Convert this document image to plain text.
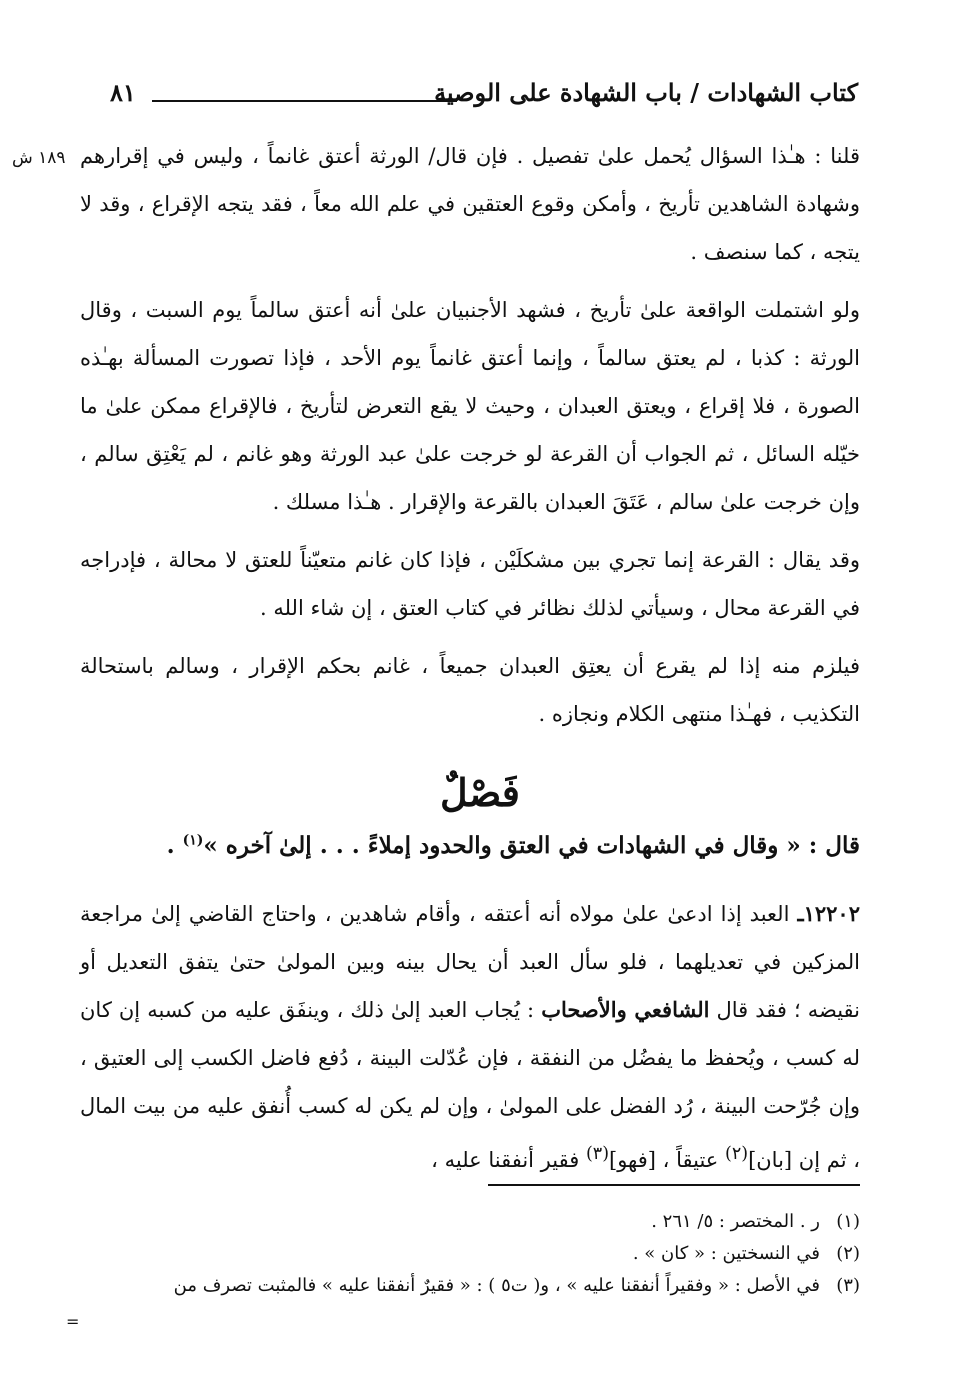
٨١	كتاب الشهادات / باب الشهادة على الوصية
١٨٩ ش قلنا : هـٰذا السؤال يُحمل علىٰ تفصيل . فإن قال/ الورثة أعتق غانماً ، وليس في إقرارهم وشهادة الشاهدين تأريخ ، وأمكن وقوع العتقين في علم الله معاً ، فقد يتجه الإقراع ، وقد لا يتجه ، كما سنصف .

ولو اشتملت الواقعة علىٰ تأريخ ، فشهد الأجنبيان علىٰ أنه أعتق سالماً يوم السبت ، وقال الورثة : كذبا ، لم يعتق سالماً ، وإنما أعتق غانماً يوم الأحد ، فإذا تصورت المسألة بهـٰذه الصورة ، فلا إقراع ، ويعتق العبدان ، وحيث لا يقع التعرض لتأريخ ، فالإقراع ممكن علىٰ ما خيّله السائل ، ثم الجواب أن القرعة لو خرجت علىٰ عبد الورثة وهو غانم ، لم يَعْتِق سالم ، وإن خرجت علىٰ سالم ، عَتَقَ العبدان بالقرعة والإقرار . هـٰذا مسلك .

وقد يقال : القرعة إنما تجري بين مشكلَيْن ، فإذا كان غانم متعيّناً للعتق لا محالة ، فإدراجه في القرعة محال ، وسيأتي لذلك نظائر في كتاب العتق ، إن شاء الله .

فيلزم منه إذا لم يقرع أن يعتِق العبدان جميعاً ، غانم بحكم الإقرار ، وسالم باستحالة التكذيب ، فهـٰذا منتهى الكلام ونجازه .

فَصْلٌ
قال : « وقال في الشهادات في العتق والحدود إملاءً . . . إلىٰ آخره »$^{(١)}$ .

١٢٢٠٢ـ العبد إذا ادعىٰ علىٰ مولاه أنه أعتقه ، وأقام شاهدين ، واحتاج القاضي إلىٰ مراجعة المزكين في تعديلهما ، فلو سأل العبد أن يحال بينه وبين المولىٰ حتىٰ يتفق التعديل أو نقيضه ؛ فقد قال الشافعي والأصحاب : يُجاب العبد إلىٰ ذلك ، وينفَق عليه من كسبه إن كان له كسب ، ويُحفظ ما يفضُل من النفقة ، فإن عُدّلت البينة ، دُفع فاضل الكسب إلى العتيق ، وإن جُرّحت البينة ، رُد الفضل على المولىٰ ، وإن لم يكن له كسب أُنفق عليه من بيت المال ، ثم إن [بان]$^{(٢)}$ عتيقاً ، [فهو]$^{(٣)}$ فقير أنفقنا عليه ،

(١)ر . المختصر : ٥/ ٢٦١ .
(٢)في النسختين : « كان » .
(٣)في الأصل : « وفقيراً أنفقنا عليه » ، و( ت٥ ) : « فقيرٌ أنفقنا عليه » فالمثبت تصرف من
=
